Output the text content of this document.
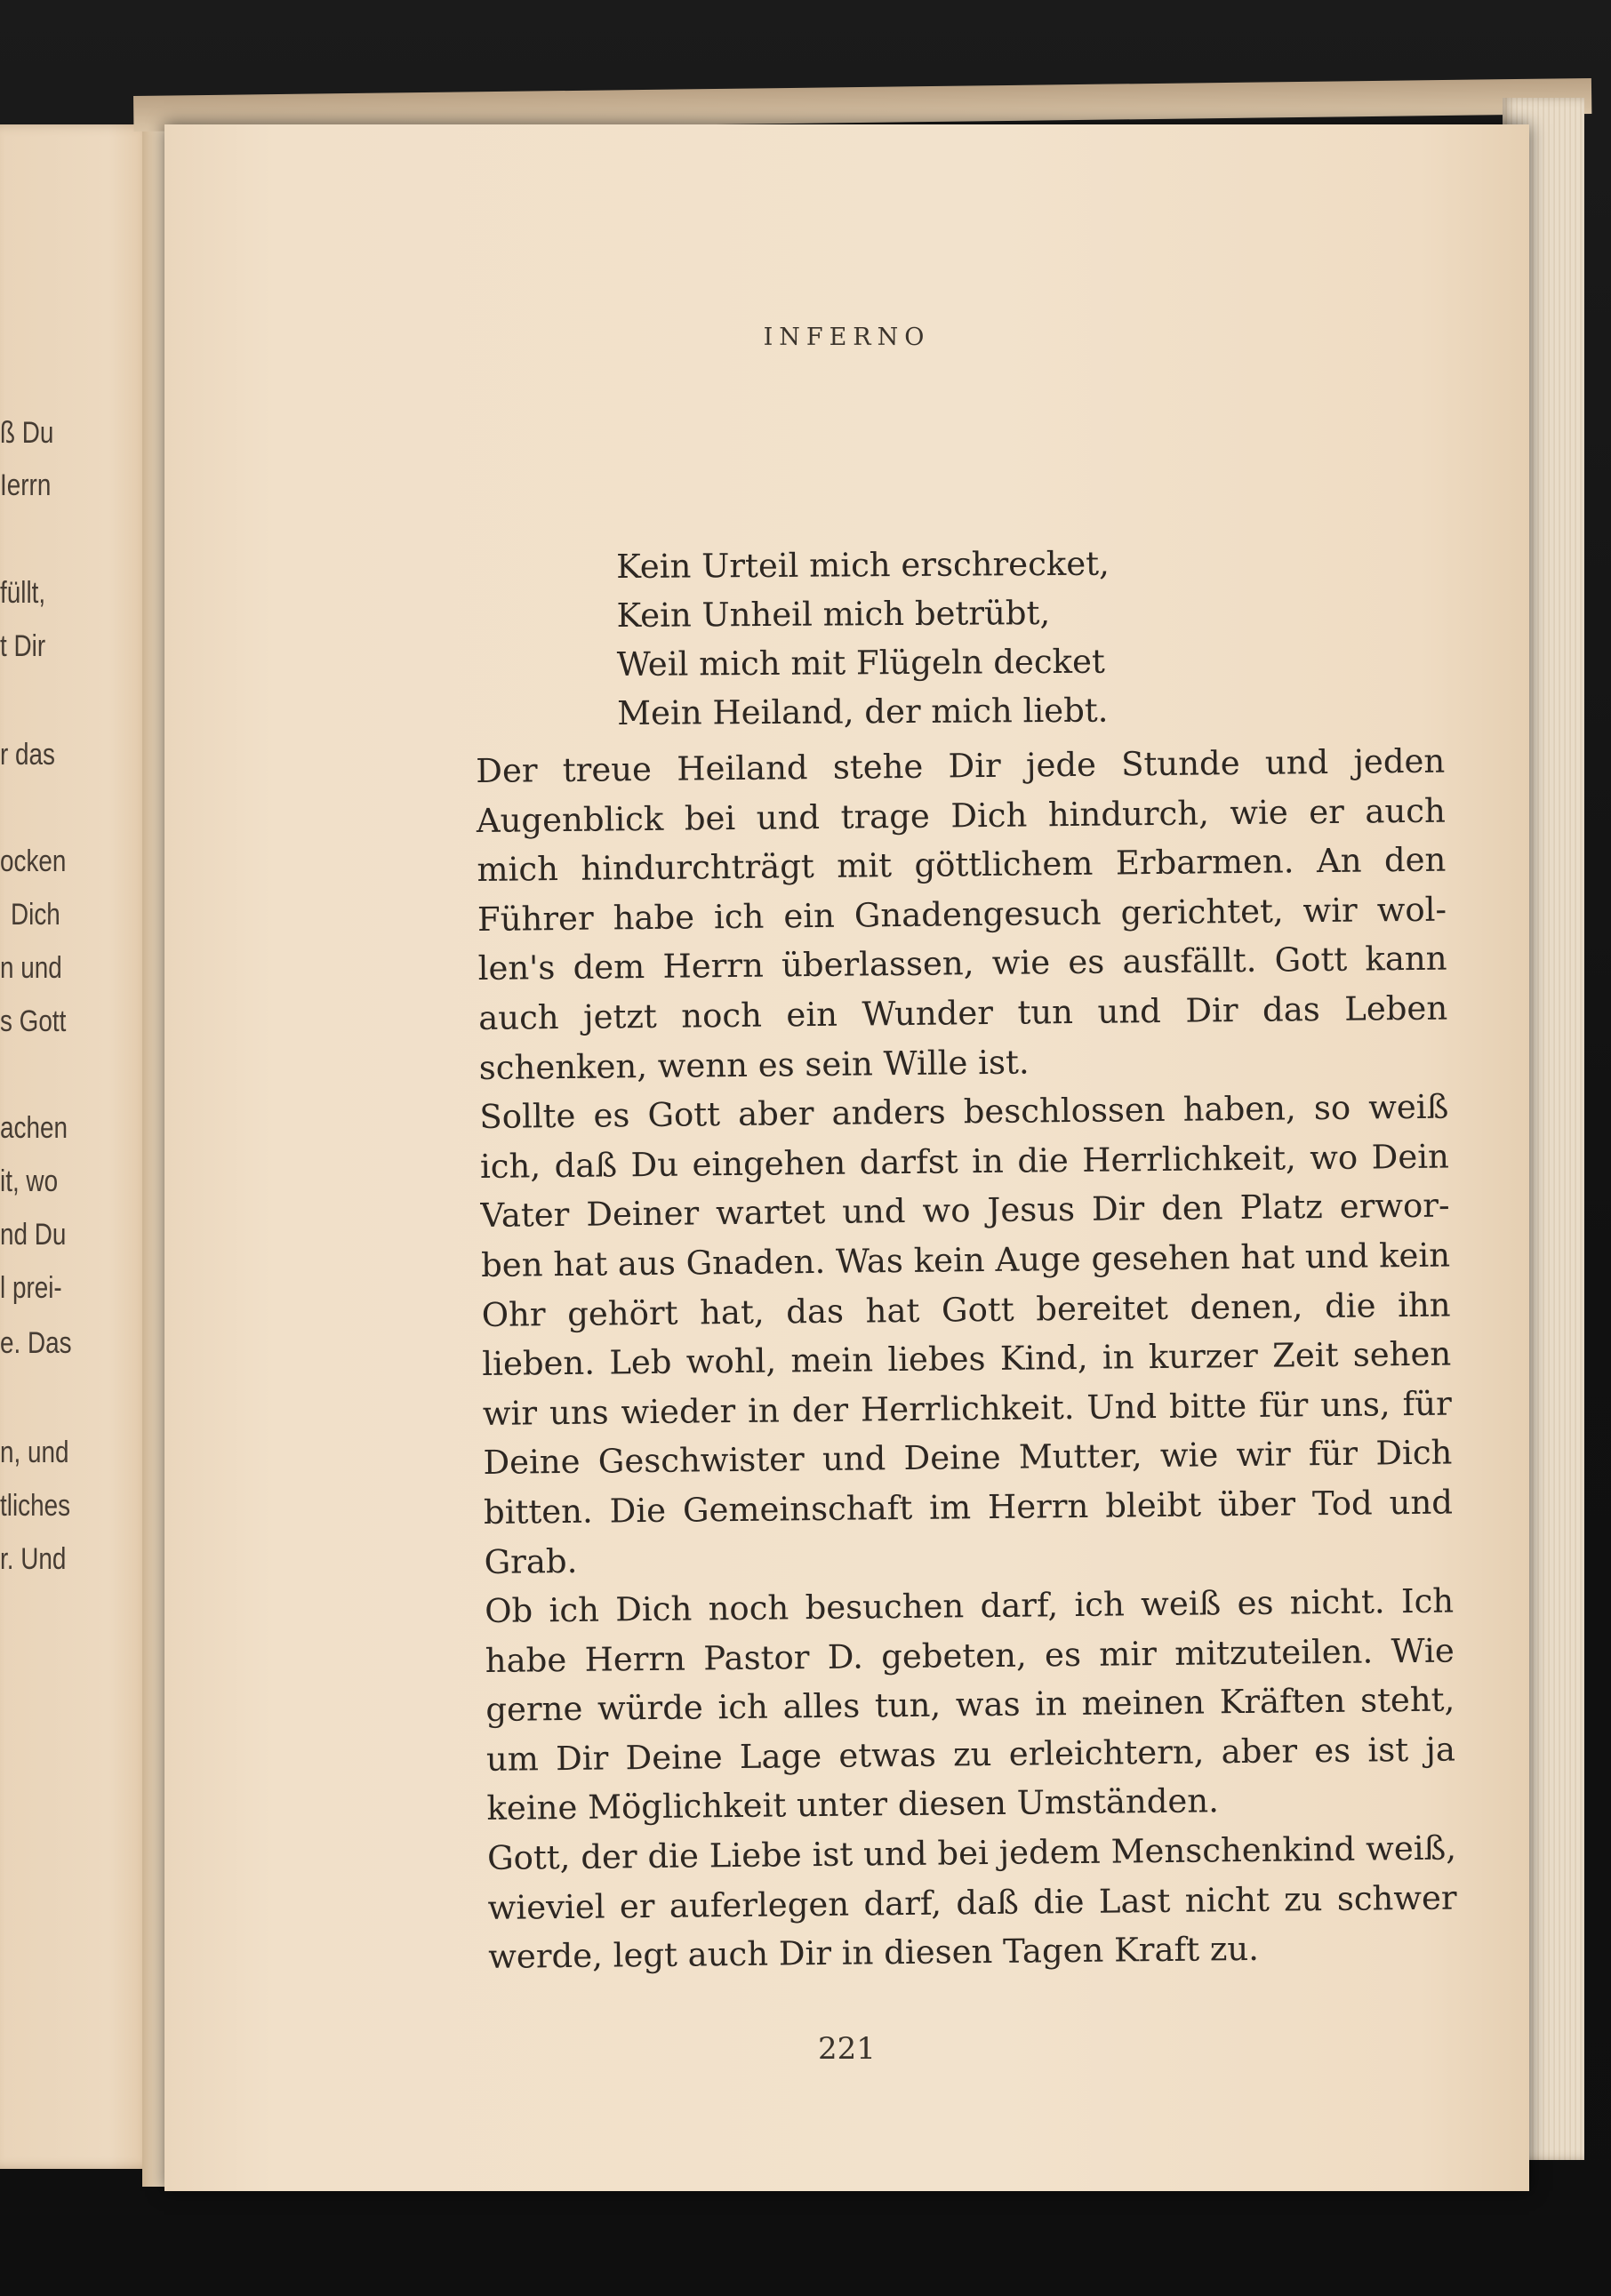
ß Du
Ierrn
füllt,
t Dir
r das
ocken
Dich
n und
s Gott
achen
it, wo
nd Du
l prei-
e. Das
n, und
tliches
r. Und
INFERNO
Kein Urteil mich erschrecket,
Kein Unheil mich betrübt,
Weil mich mit Flügeln decket
Mein Heiland, der mich liebt.

Der treue Heiland stehe Dir jede Stunde und jeden Augenblick bei und trage Dich hindurch, wie er auch mich hindurchträgt mit göttlichem Erbarmen. An den Führer habe ich ein Gnadengesuch gerichtet, wir wol-len's dem Herrn überlassen, wie es ausfällt. Gott kann auch jetzt noch ein Wunder tun und Dir das Leben schenken, wenn es sein Wille ist.

Sollte es Gott aber anders beschlossen haben, so weiß ich, daß Du eingehen darfst in die Herrlichkeit, wo Dein Vater Deiner wartet und wo Jesus Dir den Platz erwor-ben hat aus Gnaden. Was kein Auge gesehen hat und kein Ohr gehört hat, das hat Gott bereitet denen, die ihn lieben. Leb wohl, mein liebes Kind, in kurzer Zeit sehen wir uns wieder in der Herrlichkeit. Und bitte für uns, für Deine Geschwister und Deine Mutter, wie wir für Dich bitten. Die Gemeinschaft im Herrn bleibt über Tod und Grab.

Ob ich Dich noch besuchen darf, ich weiß es nicht. Ich habe Herrn Pastor D. gebeten, es mir mitzuteilen. Wie gerne würde ich alles tun, was in meinen Kräften steht, um Dir Deine Lage etwas zu erleichtern, aber es ist ja keine Möglichkeit unter diesen Umständen.

Gott, der die Liebe ist und bei jedem Menschenkind weiß, wieviel er auferlegen darf, daß die Last nicht zu schwer werde, legt auch Dir in diesen Tagen Kraft zu.

221
